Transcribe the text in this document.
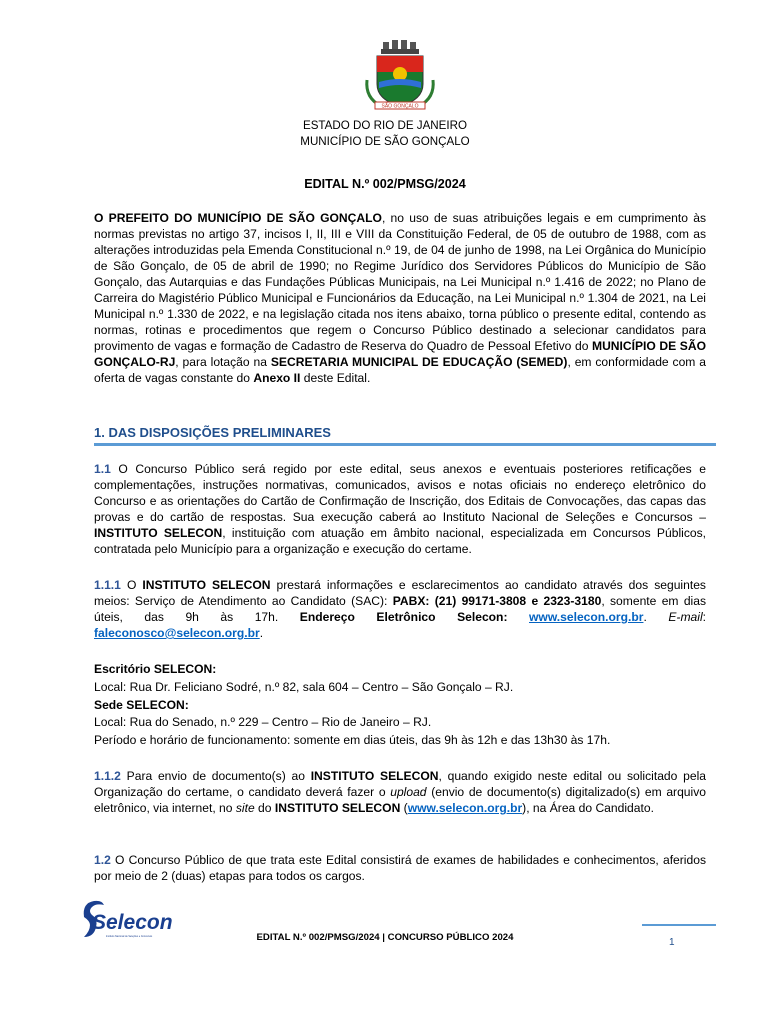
SÃO GONÇALO
ESTADO DO RIO DE JANEIRO
MUNICÍPIO DE SÃO GONÇALO
EDITAL N.º 002/PMSG/2024
O PREFEITO DO MUNICÍPIO DE SÃO GONÇALO, no uso de suas atribuições legais e em cumprimento às normas previstas no artigo 37, incisos I, II, III e VIII da Constituição Federal, de 05 de outubro de 1988, com as alterações introduzidas pela Emenda Constitucional n.º 19, de 04 de junho de 1998, na Lei Orgânica do Município de São Gonçalo, de 05 de abril de 1990; no Regime Jurídico dos Servidores Públicos do Município de São Gonçalo, das Autarquias e das Fundações Públicas Municipais, na Lei Municipal n.º 1.416 de 2022; no Plano de Carreira do Magistério Público Municipal e Funcionários da Educação, na Lei Municipal n.º 1.304 de 2021, na Lei Municipal n.º 1.330 de 2022, e na legislação citada nos itens abaixo, torna público o presente edital, contendo as normas, rotinas e procedimentos que regem o Concurso Público destinado a selecionar candidatos para provimento de vagas e formação de Cadastro de Reserva do Quadro de Pessoal Efetivo do MUNICÍPIO DE SÃO GONÇALO-RJ, para lotação na SECRETARIA MUNICIPAL DE EDUCAÇÃO (SEMED), em conformidade com a oferta de vagas constante do Anexo II deste Edital.
1. DAS DISPOSIÇÕES PRELIMINARES
1.1 O Concurso Público será regido por este edital, seus anexos e eventuais posteriores retificações e complementações, instruções normativas, comunicados, avisos e notas oficiais no endereço eletrônico do Concurso e as orientações do Cartão de Confirmação de Inscrição, dos Editais de Convocações, das capas das provas e do cartão de respostas. Sua execução caberá ao Instituto Nacional de Seleções e Concursos – INSTITUTO SELECON, instituição com atuação em âmbito nacional, especializada em Concursos Públicos, contratada pelo Município para a organização e execução do certame.
1.1.1 O INSTITUTO SELECON prestará informações e esclarecimentos ao candidato através dos seguintes meios: Serviço de Atendimento ao Candidato (SAC): PABX: (21) 99171-3808 e 2323-3180, somente em dias úteis, das 9h às 17h. Endereço Eletrônico Selecon: www.selecon.org.br. E-mail: faleconosco@selecon.org.br.
Escritório SELECON:
Local: Rua Dr. Feliciano Sodré, n.º 82, sala 604 – Centro – São Gonçalo – RJ.
Sede SELECON:
Local: Rua do Senado, n.º 229 – Centro – Rio de Janeiro – RJ.
Período e horário de funcionamento: somente em dias úteis, das 9h às 12h e das 13h30 às 17h.
1.1.2 Para envio de documento(s) ao INSTITUTO SELECON, quando exigido neste edital ou solicitado pela Organização do certame, o candidato deverá fazer o upload (envio de documento(s) digitalizado(s) em arquivo eletrônico, via internet, no site do INSTITUTO SELECON (www.selecon.org.br), na Área do Candidato.
1.2 O Concurso Público de que trata este Edital consistirá de exames de habilidades e conhecimentos, aferidos por meio de 2 (duas) etapas para todos os cargos.
Selecon
Instituto Nacional de Seleções e Concursos	EDITAL N.º 002/PMSG/2024 | CONCURSO PÚBLICO 2024	1
